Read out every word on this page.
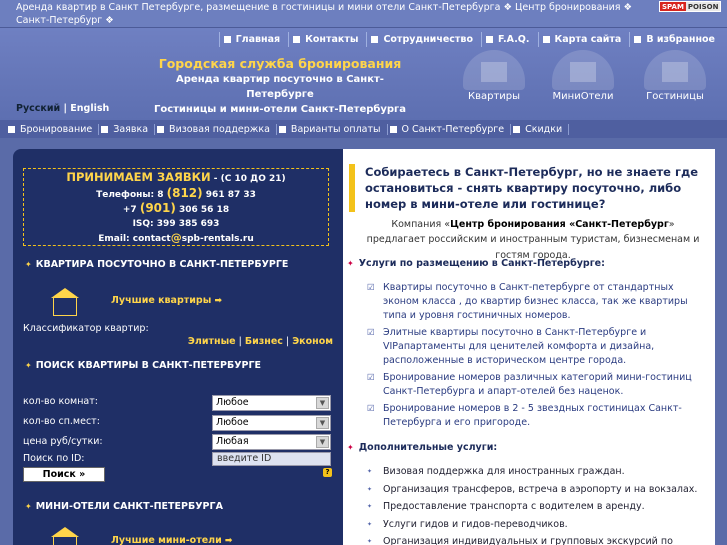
Аренда квартир в Санкт Петербурге, размещение в гостиницы и мини отели Санкт-Петербурга ❖ Центр бронирования ❖ Санкт-Петербург ❖
SPAM POISON
Главная	Контакты	Сотрудничество	F.A.Q.	Карта сайта	В избранное
Городская служба бронирования
Аренда квартир посуточно в Санкт-Петербурге
Гостиницы и мини-отели Санкт-Петербурга
Квартиры	МиниОтели	Гостиницы
Русский | English
Бронирование	Заявка	Визовая поддержка	Варианты оплаты	О Санкт-Петербурге	Скидки
ПРИНИМАЕМ ЗАЯВКИ - (С 10 ДО 21)
Телефоны: 8 (812) 961 87 33
+7 (901) 306 56 18
ISQ: 399 385 693
Email: contact@spb-rentals.ru
✦ КВАРТИРА ПОСУТОЧНО В САНКТ-ПЕТЕРБУРГЕ
Лучшие квартиры ➡
Классификатор квартир:
Элитные | Бизнес | Эконом
✦ ПОИСК КВАРТИРЫ В САНКТ-ПЕТЕРБУРГЕ
кол-во комнат:	Любое	▼
кол-во сп.мест:	Любое	▼
цена руб/сутки:	Любая	▼
Поиск по ID:	введите ID
Поиск »	?
✦ МИНИ-ОТЕЛИ САНКТ-ПЕТЕРБУРГА
Лучшие мини-отели ➡
Собираетесь в Санкт-Петербург, но не знаете где остановиться - снять квартиру посуточно, либо номер в мини-отеле или гостинице?
Компания «Центр бронирования «Санкт-Петербург» предлагает российским и иностранным туристам, бизнесменам и гостям города.
✦ Услуги по размещению в Санкт-Петербурге:
☑ Квартиры посуточно в Санкт-петербурге от стандартных эконом класса , до квартир бизнес класса, так же квартиры типа и уровня гостиничных номеров.
☑ Элитные квартиры посуточно в Санкт-Петербурге и VIPапартаменты для ценителей комфорта и дизайна, расположенные в историческом центре города.
☑ Бронирование номеров различных категорий мини-гостиниц Санкт-Петербурга и апарт-отелей без наценок.
☑ Бронирование номеров в 2 - 5 звездных гостиницах Санкт-Петербурга и его пригороде.
✦ Дополнительные услуги:
✦ Визовая поддержка для иностранных граждан.
✦ Организация трансферов, встреча в аэропорту и на вокзалах.
✦ Предоставление транспорта с водителем в аренду.
✦ Услуги гидов и гидов-переводчиков.
✦ Организация индивидуальных и групповых экскурсий по
